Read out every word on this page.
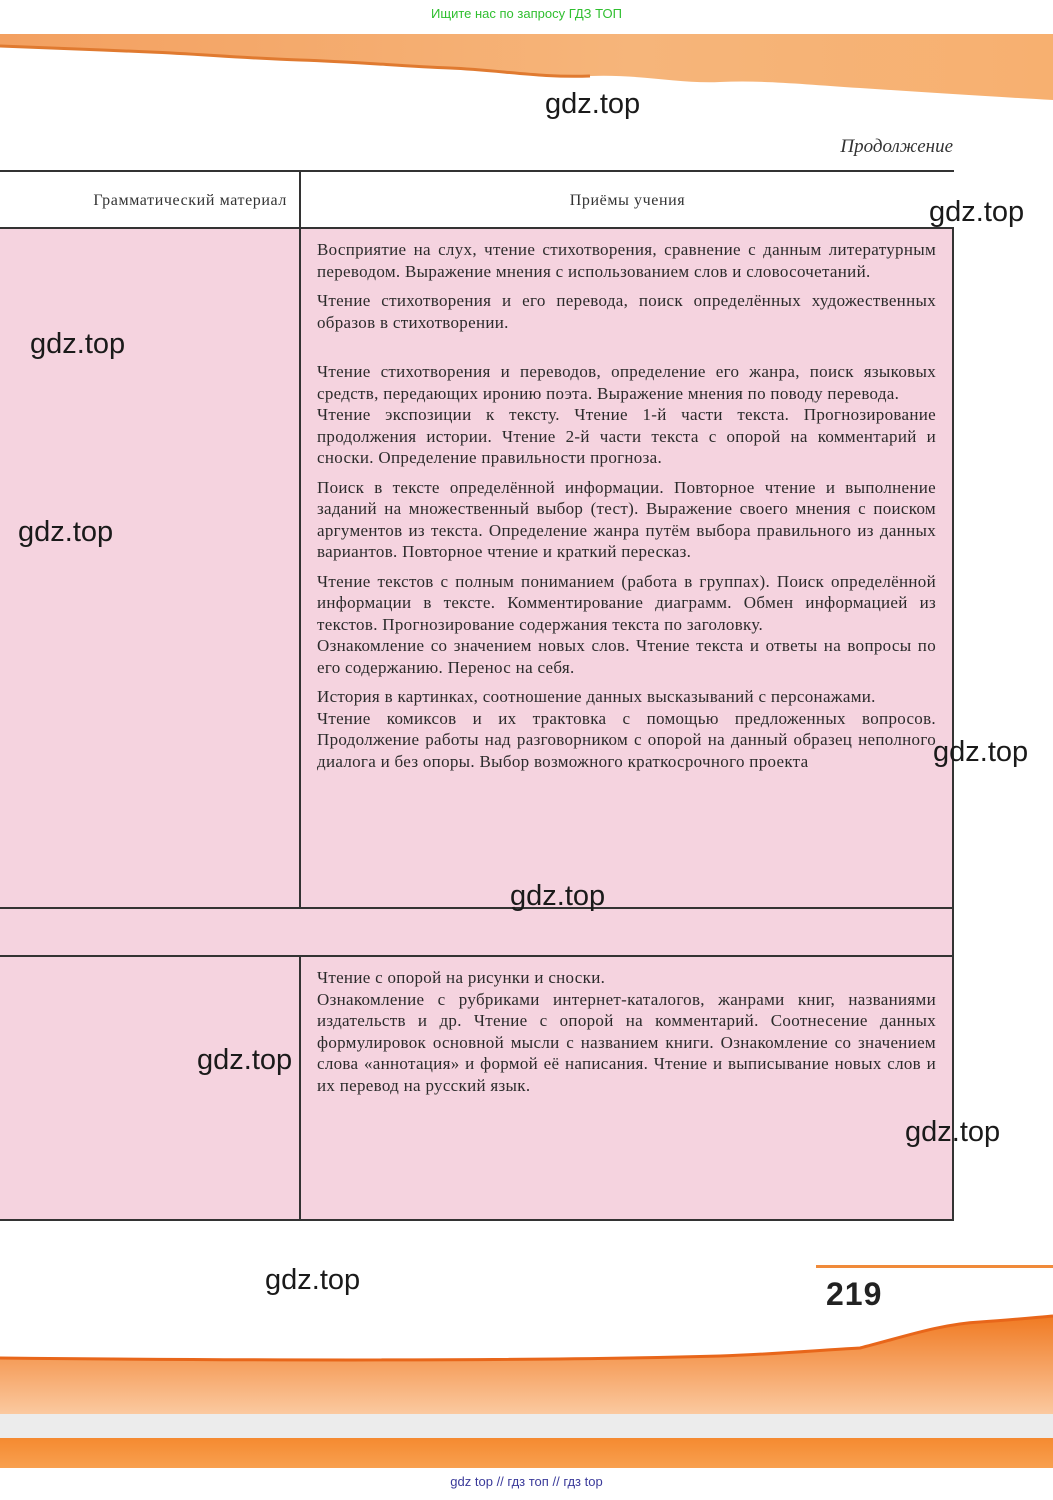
Ищите нас по запросу ГДЗ ТОП
Продолжение
Грамматический материал	Приёмы учения

Восприятие на слух, чтение стихотворения, сравнение с данным литературным переводом. Выражение мнения с использованием слов и словосочетаний.

Чтение стихотворения и его перевода, поиск определённых художественных образов в стихотворении.

Чтение стихотворения и переводов, определение его жанра, поиск языковых средств, передающих иронию поэта. Выражение мнения по поводу перевода.

Чтение экспозиции к тексту. Чтение 1-й части текста. Прогнозирование продолжения истории. Чтение 2-й части текста с опорой на комментарий и сноски. Определение правильности прогноза.

Поиск в тексте определённой информации. Повторное чтение и выполнение заданий на множественный выбор (тест). Выражение своего мнения с поиском аргументов из текста. Определение жанра путём выбора правильного из данных вариантов. Повторное чтение и краткий пересказ.

Чтение текстов с полным пониманием (работа в группах). Поиск определённой информации в тексте. Комментирование диаграмм. Обмен информацией из текстов. Прогнозирование содержания текста по заголовку.

Ознакомление со значением новых слов. Чтение текста и ответы на вопросы по его содержанию. Перенос на себя.

История в картинках, соотношение данных высказываний с персонажами.

Чтение комиксов и их трактовка с помощью предложенных вопросов. Продолжение работы над разговорником с опорой на данный образец неполного диалога и без опоры. Выбор возможного краткосрочного проекта

Чтение с опорой на рисунки и сноски.

Ознакомление с рубриками интернет-каталогов, жанрами книг, названиями издательств и др. Чтение с опорой на комментарий. Соотнесение данных формулировок основной мысли с названием книги. Ознакомление со значением слова «аннотация» и формой её написания. Чтение и выписывание новых слов и их перевод на русский язык.

gdz.top
gdz.top
gdz.top
gdz.top
gdz.top
gdz.top
gdz.top
gdz.top
gdz.top	219
gdz top // гдз топ // гдз top
